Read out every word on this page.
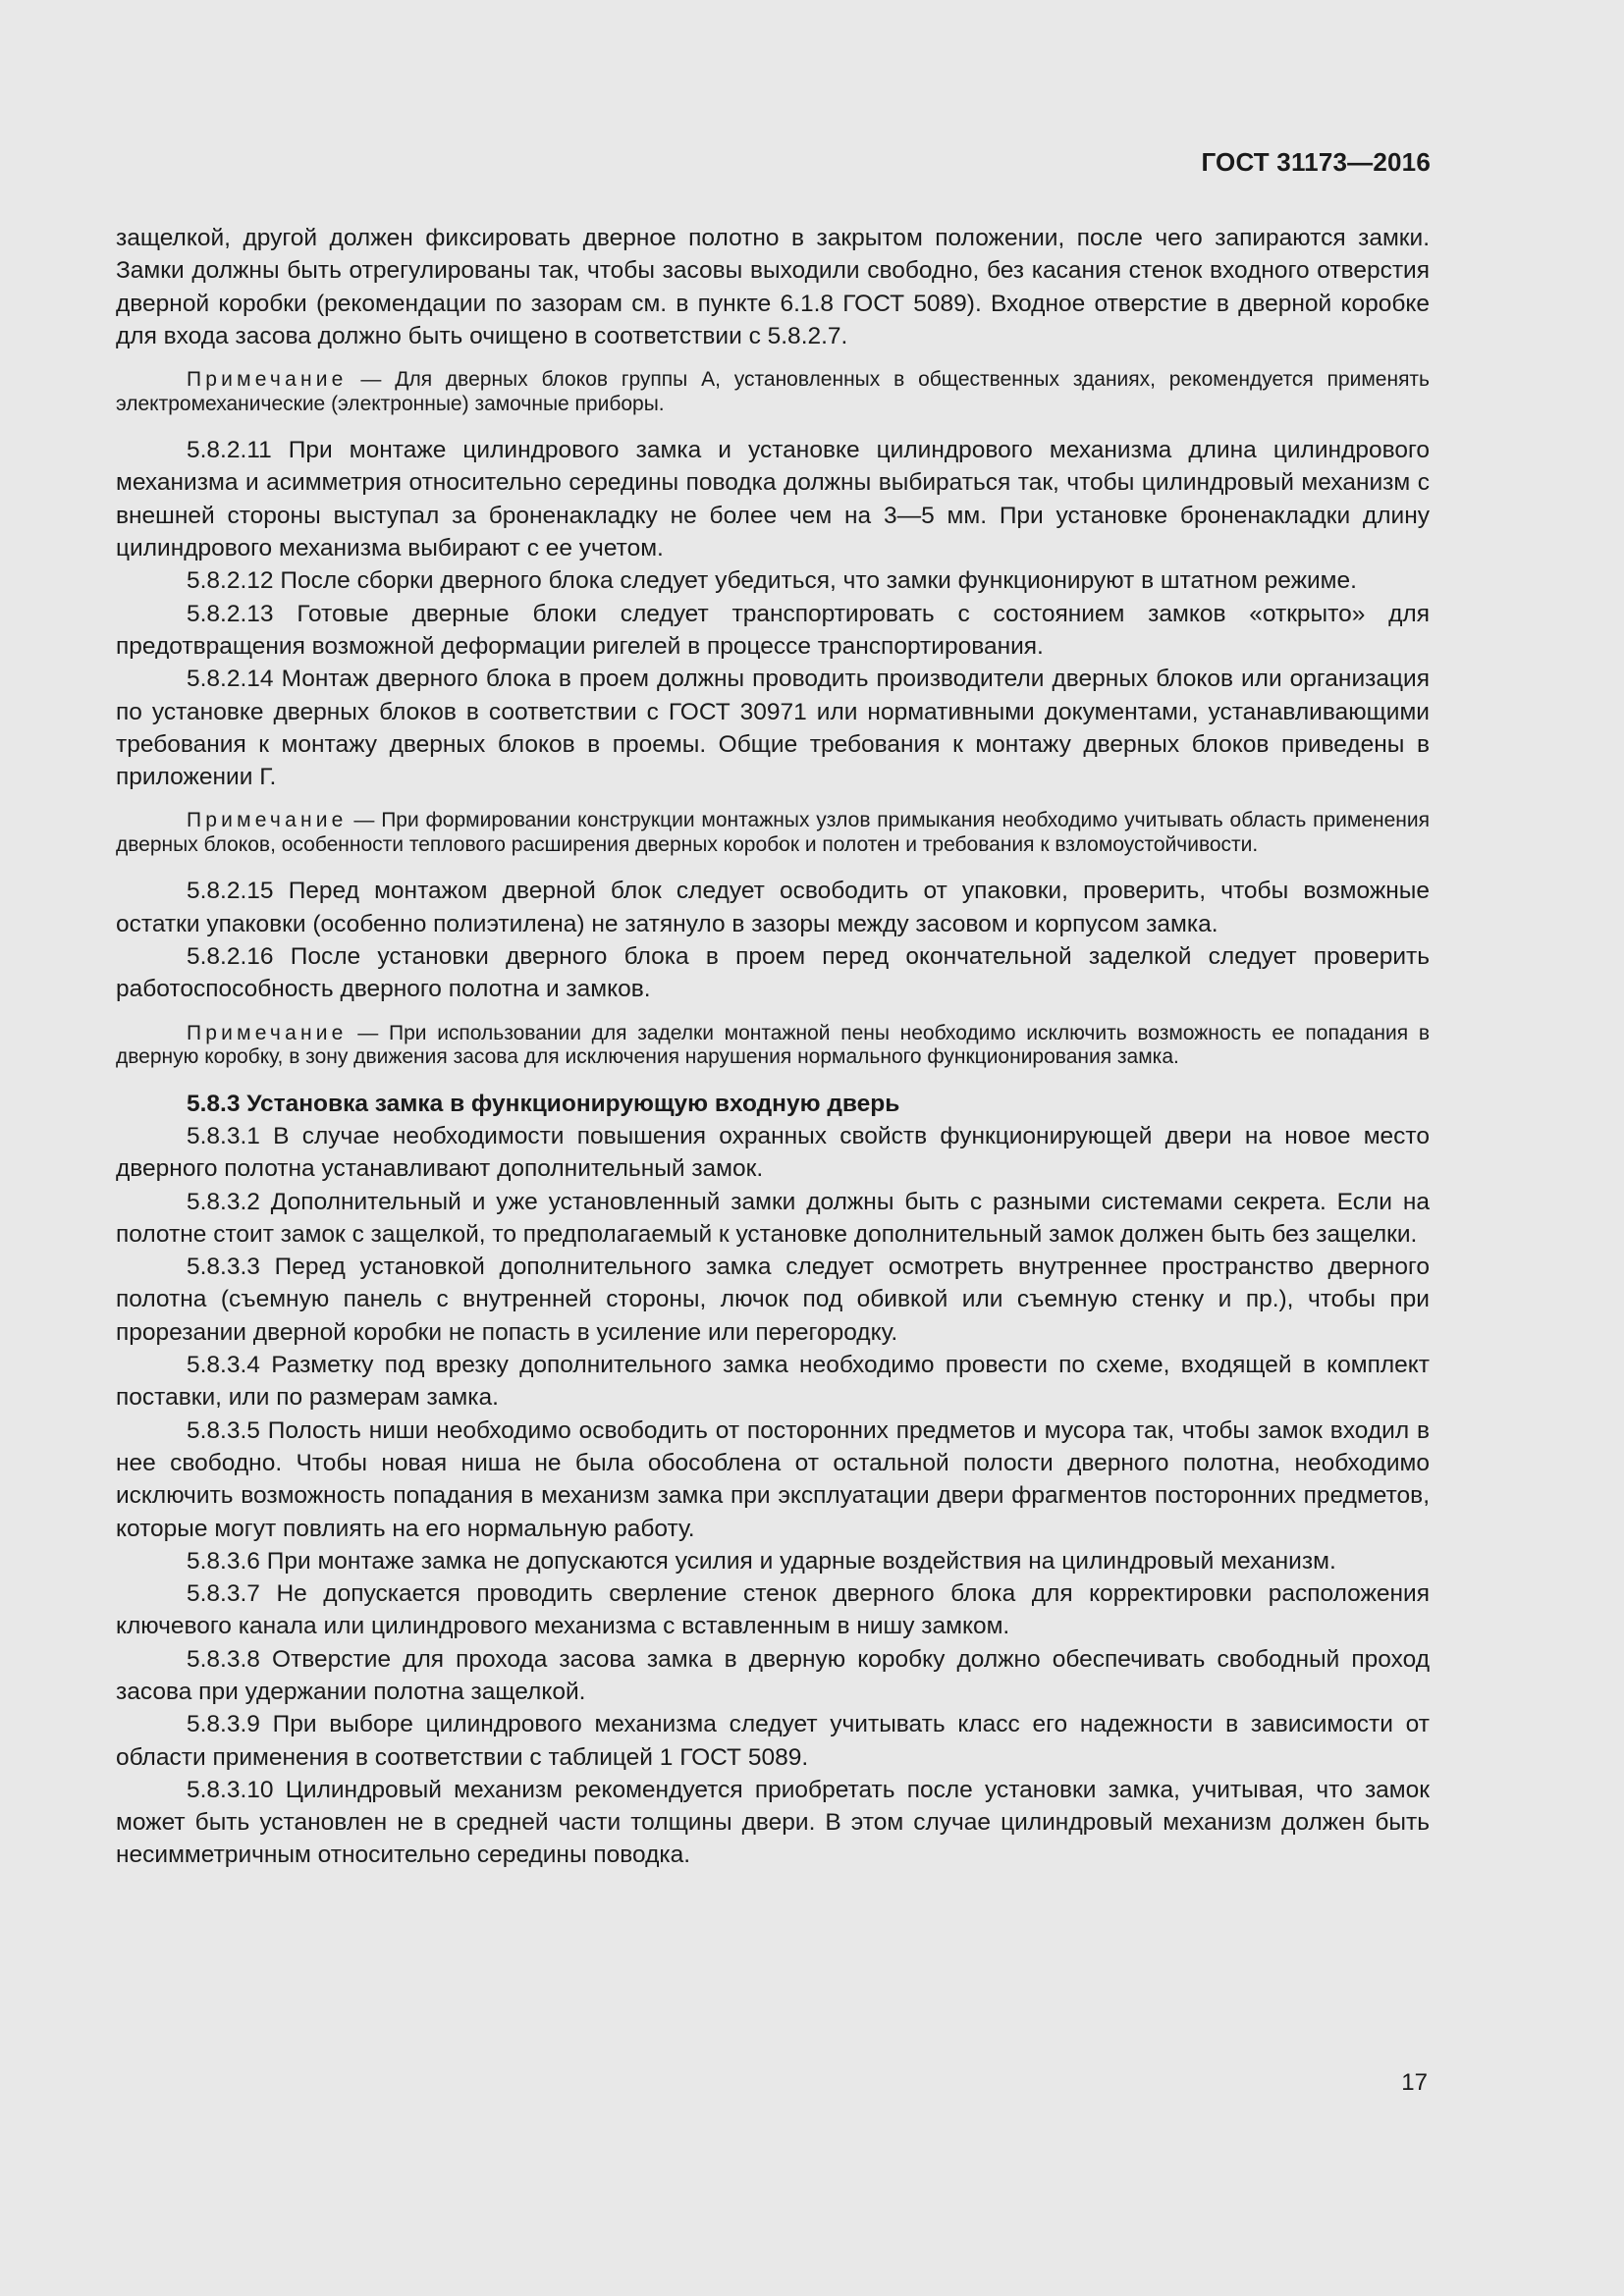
ГОСТ 31173—2016

защелкой, другой должен фиксировать дверное полотно в закрытом положении, после чего запираются замки. Замки должны быть отрегулированы так, чтобы засовы выходили свободно, без касания стенок входного отверстия дверной коробки (рекомендации по зазорам см. в пункте 6.1.8 ГОСТ 5089). Входное отверстие в дверной коробке для входа засова должно быть очищено в соответствии с 5.8.2.7.

Примечание — Для дверных блоков группы А, установленных в общественных зданиях, рекомендуется применять электромеханические (электронные) замочные приборы.

5.8.2.11 При монтаже цилиндрового замка и установке цилиндрового механизма длина цилиндрового механизма и асимметрия относительно середины поводка должны выбираться так, чтобы цилиндровый механизм с внешней стороны выступал за броненакладку не более чем на 3—5 мм. При установке броненакладки длину цилиндрового механизма выбирают с ее учетом.

5.8.2.12 После сборки дверного блока следует убедиться, что замки функционируют в штатном режиме.

5.8.2.13 Готовые дверные блоки следует транспортировать с состоянием замков «открыто» для предотвращения возможной деформации ригелей в процессе транспортирования.

5.8.2.14 Монтаж дверного блока в проем должны проводить производители дверных блоков или организация по установке дверных блоков в соответствии с ГОСТ 30971 или нормативными документами, устанавливающими требования к монтажу дверных блоков в проемы. Общие требования к монтажу дверных блоков приведены в приложении Г.

Примечание — При формировании конструкции монтажных узлов примыкания необходимо учитывать область применения дверных блоков, особенности теплового расширения дверных коробок и полотен и требования к взломоустойчивости.

5.8.2.15 Перед монтажом дверной блок следует освободить от упаковки, проверить, чтобы возможные остатки упаковки (особенно полиэтилена) не затянуло в зазоры между засовом и корпусом замка.

5.8.2.16 После установки дверного блока в проем перед окончательной заделкой следует проверить работоспособность дверного полотна и замков.

Примечание — При использовании для заделки монтажной пены необходимо исключить возможность ее попадания в дверную коробку, в зону движения засова для исключения нарушения нормального функционирования замка.

5.8.3 Установка замка в функционирующую входную дверь

5.8.3.1 В случае необходимости повышения охранных свойств функционирующей двери на новое место дверного полотна устанавливают дополнительный замок.

5.8.3.2 Дополнительный и уже установленный замки должны быть с разными системами секрета. Если на полотне стоит замок с защелкой, то предполагаемый к установке дополнительный замок должен быть без защелки.

5.8.3.3 Перед установкой дополнительного замка следует осмотреть внутреннее пространство дверного полотна (съемную панель с внутренней стороны, лючок под обивкой или съемную стенку и пр.), чтобы при прорезании дверной коробки не попасть в усиление или перегородку.

5.8.3.4 Разметку под врезку дополнительного замка необходимо провести по схеме, входящей в комплект поставки, или по размерам замка.

5.8.3.5 Полость ниши необходимо освободить от посторонних предметов и мусора так, чтобы замок входил в нее свободно. Чтобы новая ниша не была обособлена от остальной полости дверного полотна, необходимо исключить возможность попадания в механизм замка при эксплуатации двери фрагментов посторонних предметов, которые могут повлиять на его нормальную работу.

5.8.3.6 При монтаже замка не допускаются усилия и ударные воздействия на цилиндровый механизм.

5.8.3.7 Не допускается проводить сверление стенок дверного блока для корректировки расположения ключевого канала или цилиндрового механизма с вставленным в нишу замком.

5.8.3.8 Отверстие для прохода засова замка в дверную коробку должно обеспечивать свободный проход засова при удержании полотна защелкой.

5.8.3.9 При выборе цилиндрового механизма следует учитывать класс его надежности в зависимости от области применения в соответствии с таблицей 1 ГОСТ 5089.

5.8.3.10 Цилиндровый механизм рекомендуется приобретать после установки замка, учитывая, что замок может быть установлен не в средней части толщины двери. В этом случае цилиндровый механизм должен быть несимметричным относительно середины поводка.

17
